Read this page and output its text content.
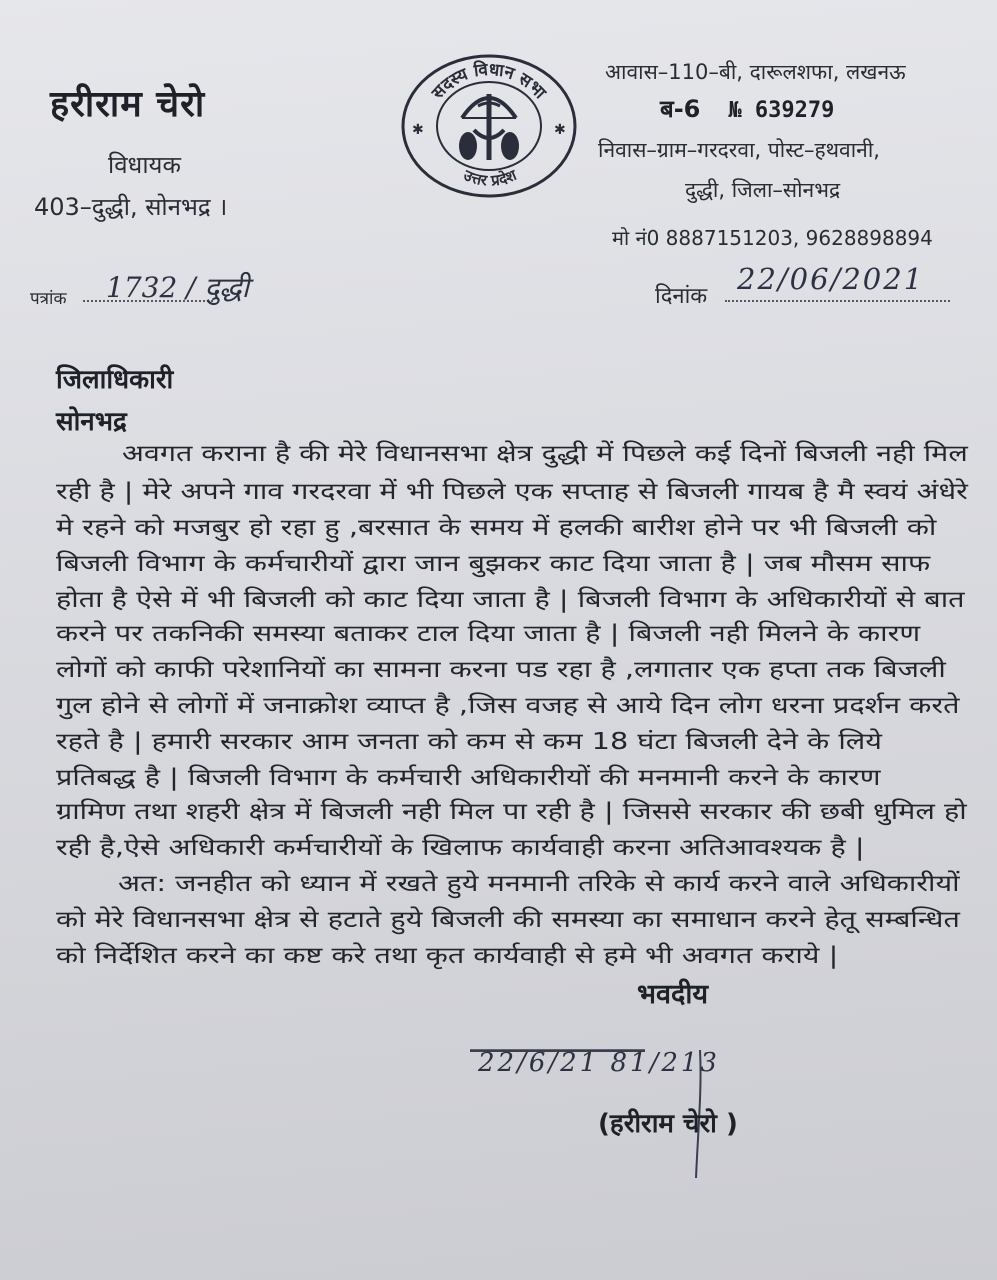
हरीराम चेरो
विधायक
403–दुद्धी, सोनभद्र ।
सदस्य विधान सभा
उत्तर प्रदेश
✱	✱
आवास–110–बी, दारूलशफा, लखनऊ
ब-6 № 639279
निवास–ग्राम–गरदरवा, पोस्ट–हथवानी,
दुद्धी, जिला–सोनभद्र
मो नं0 8887151203, 9628898894
पत्रांक 1732 / दुद्धी	दिनांक
22/06/2021
जिलाधिकारी
सोनभद्र
अवगत कराना है की मेरे विधानसभा क्षेत्र दुद्धी में पिछले कई दिनों बिजली नही मिल
रही है | मेरे अपने गाव गरदरवा में भी पिछले एक सप्ताह से बिजली गायब है मै स्वयं अंधेरे
मे रहने को मजबुर हो रहा हु ,बरसात के समय में हलकी बारीश होने पर भी बिजली को
बिजली विभाग के कर्मचारीयों द्वारा जान बुझकर काट दिया जाता है | जब मौसम साफ
होता है ऐसे में भी बिजली को काट दिया जाता है | बिजली विभाग के अधिकारीयों से बात
करने पर तकनिकी समस्या बताकर टाल दिया जाता है | बिजली नही मिलने के कारण
लोगों को काफी परेशानियों का सामना करना पड रहा है ,लगातार एक हप्ता तक बिजली
गुल होने से लोगों में जनाक्रोश व्याप्त है ,जिस वजह से आये दिन लोग धरना प्रदर्शन करते
रहते है | हमारी सरकार आम जनता को कम से कम 18 घंटा बिजली देने के लिये
प्रतिबद्ध है | बिजली विभाग के कर्मचारी अधिकारीयों की मनमानी करने के कारण
ग्रामिण तथा शहरी क्षेत्र में बिजली नही मिल पा रही है | जिससे सरकार की छबी धुमिल हो
रही है,ऐसे अधिकारी कर्मचारीयों के खिलाफ कार्यवाही करना अतिआवश्यक है |
अत: जनहीत को ध्यान में रखते हुये मनमानी तरिके से कार्य करने वाले अधिकारीयों
को मेरे विधानसभा क्षेत्र से हटाते हुये बिजली की समस्या का समाधान करने हेतू सम्बन्धित
को निर्देशित करने का कष्ट करे तथा कृत कार्यवाही से हमे भी अवगत कराये |
भवदीय
22/6/21 81/213
(हरीराम चेरो )
